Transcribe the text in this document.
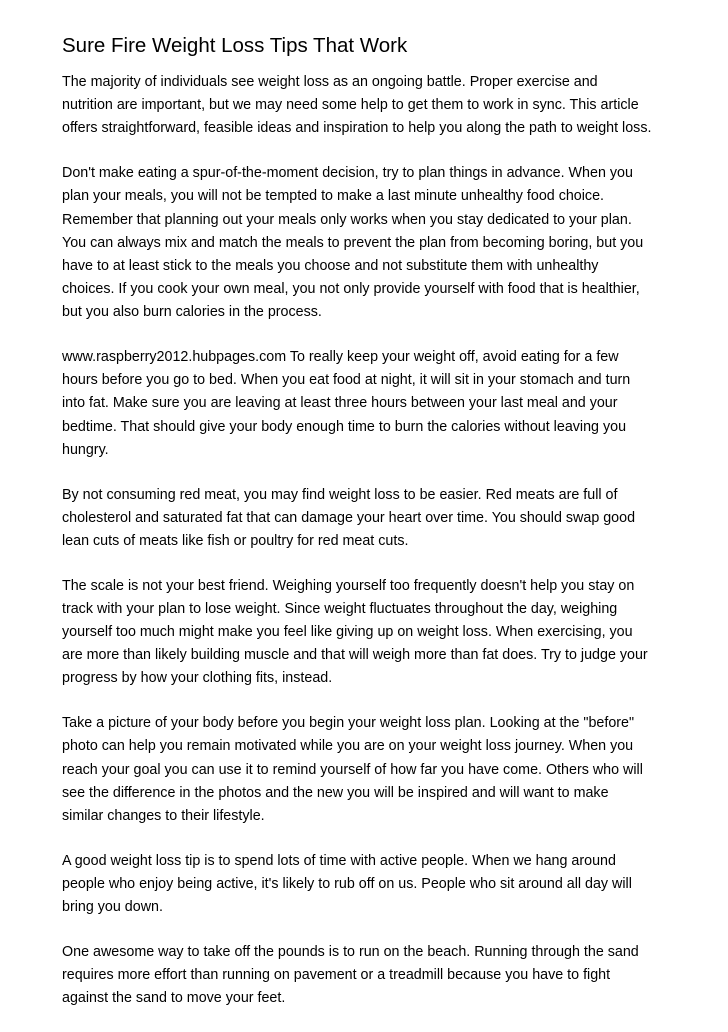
Sure Fire Weight Loss Tips That Work

The majority of individuals see weight loss as an ongoing battle. Proper exercise and
nutrition are important, but we may need some help to get them to work in sync. This article
offers straightforward, feasible ideas and inspiration to help you along the path to weight loss.

Don't make eating a spur-of-the-moment decision, try to plan things in advance. When you
plan your meals, you will not be tempted to make a last minute unhealthy food choice.
Remember that planning out your meals only works when you stay dedicated to your plan.
You can always mix and match the meals to prevent the plan from becoming boring, but you
have to at least stick to the meals you choose and not substitute them with unhealthy
choices. If you cook your own meal, you not only provide yourself with food that is healthier,
but you also burn calories in the process.

www.raspberry2012.hubpages.com To really keep your weight off, avoid eating for a few
hours before you go to bed. When you eat food at night, it will sit in your stomach and turn
into fat. Make sure you are leaving at least three hours between your last meal and your
bedtime. That should give your body enough time to burn the calories without leaving you
hungry.

By not consuming red meat, you may find weight loss to be easier. Red meats are full of
cholesterol and saturated fat that can damage your heart over time. You should swap good
lean cuts of meats like fish or poultry for red meat cuts.

The scale is not your best friend. Weighing yourself too frequently doesn't help you stay on
track with your plan to lose weight. Since weight fluctuates throughout the day, weighing
yourself too much might make you feel like giving up on weight loss. When exercising, you
are more than likely building muscle and that will weigh more than fat does. Try to judge your
progress by how your clothing fits, instead.

Take a picture of your body before you begin your weight loss plan. Looking at the "before"
photo can help you remain motivated while you are on your weight loss journey. When you
reach your goal you can use it to remind yourself of how far you have come. Others who will
see the difference in the photos and the new you will be inspired and will want to make
similar changes to their lifestyle.

A good weight loss tip is to spend lots of time with active people. When we hang around
people who enjoy being active, it's likely to rub off on us. People who sit around all day will
bring you down.

One awesome way to take off the pounds is to run on the beach. Running through the sand
requires more effort than running on pavement or a treadmill because you have to fight
against the sand to move your feet.
